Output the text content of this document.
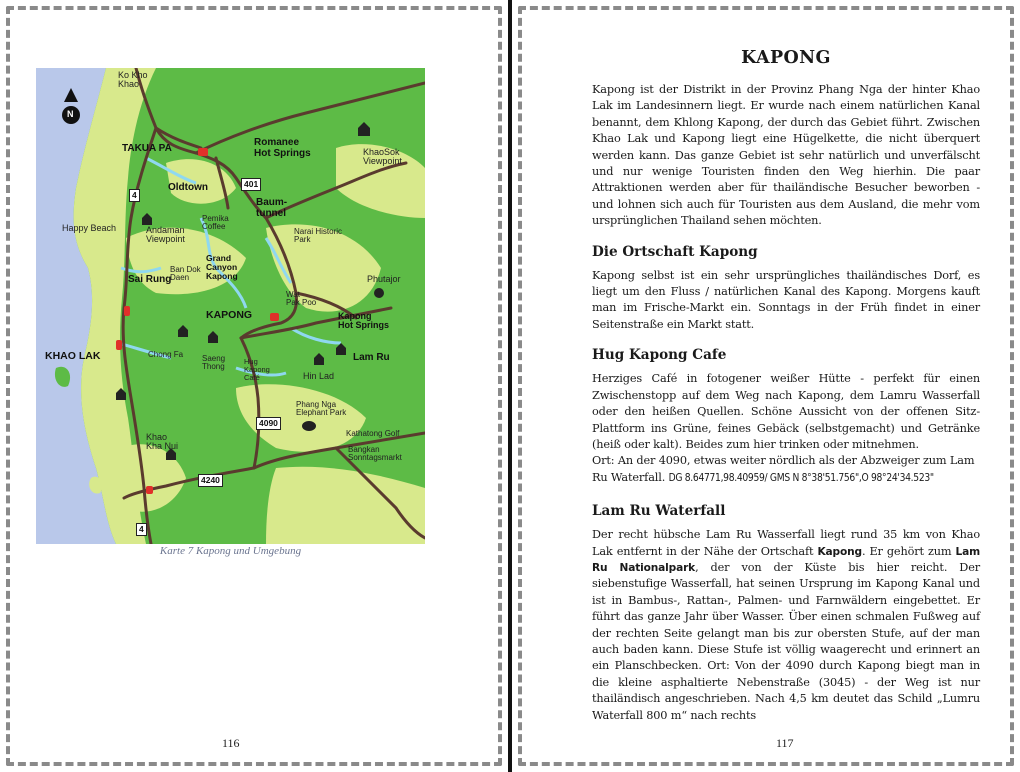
Ko Kho
Khao
N
TAKUA PA
Romanee
Hot Springs	KhaoSok
Viewpoint
Oldtown
Baum-
tunnel
Happy Beach	Andaman
Viewpoint
Pemika
Coffee
Narai Historic
Park
Ban Dok
Daen
Grand
Canyon
Kapong
Sai Rung	Phutajor
Wat
Pak Poo
KAPONG	Kapong
Hot Springs
KHAO LAK	Chong Fa Saeng
Thong
Hug
Kapong
Café	Hin Lad
Lam Ru
Phang Nga
Elephant Park
Kathatong Golf
Bangkan
Sonntagsmarkt
Khao
Kha Nui
4
401
4090
4240
4
Karte 7 Kapong und Umgebung
116
KAPONG

Kapong ist der Distrikt in der Provinz Phang Nga der hinter Khao Lak im Landesinnern liegt. Er wurde nach einem natürlichen Kanal benannt, dem Khlong Kapong, der durch das Gebiet führt. Zwischen Khao Lak und Kapong liegt eine Hügelkette, die nicht überquert werden kann. Das ganze Gebiet ist sehr natürlich und unverfälscht und nur wenige Touristen finden den Weg hierhin. Die paar Attraktionen werden aber für thailändische Besucher beworben - und lohnen sich auch für Touristen aus dem Ausland, die mehr vom ursprünglichen Thailand sehen möchten.

Die Ortschaft Kapong

Kapong selbst ist ein sehr ursprüngliches thailändisches Dorf, es liegt um den Fluss / natürlichen Kanal des Kapong. Morgens kauft man im Frische-Markt ein. Sonntags in der Früh findet in einer Seitenstraße ein Markt statt.

Hug Kapong Cafe

Herziges Café in fotogener weißer Hütte - perfekt für einen Zwischenstopp auf dem Weg nach Kapong, dem Lamru Wasserfall oder den heißen Quellen. Schöne Aussicht von der offenen Sitz-Plattform ins Grüne, feines Gebäck (selbstgemacht) und Getränke (heiß oder kalt). Beides zum hier trinken oder mitnehmen.

Ort: An der 4090, etwas weiter nördlich als der Abzweiger zum Lam Ru Waterfall. DG 8.64771,98.40959/ GMS N 8°38'51.756",O 98°24'34.523"

Lam Ru Waterfall

Der recht hübsche Lam Ru Wasserfall liegt rund 35 km von Khao Lak entfernt in der Nähe der Ortschaft Kapong. Er gehört zum Lam Ru Nationalpark, der von der Küste bis hier reicht. Der siebenstufige Wasserfall, hat seinen Ursprung im Kapong Kanal und ist in Bambus-, Rattan-, Palmen- und Farnwäldern eingebettet. Er führt das ganze Jahr über Wasser. Über einen schmalen Fußweg auf der rechten Seite gelangt man bis zur obersten Stufe, auf der man auch baden kann. Diese Stufe ist völlig waagerecht und erinnert an ein Planschbecken. Ort: Von der 4090 durch Kapong biegt man in die kleine asphaltierte Nebenstraße (3045) - der Weg ist nur thailändisch angeschrieben. Nach 4,5 km deutet das Schild „Lumru Waterfall 800 m“ nach rechts

117
